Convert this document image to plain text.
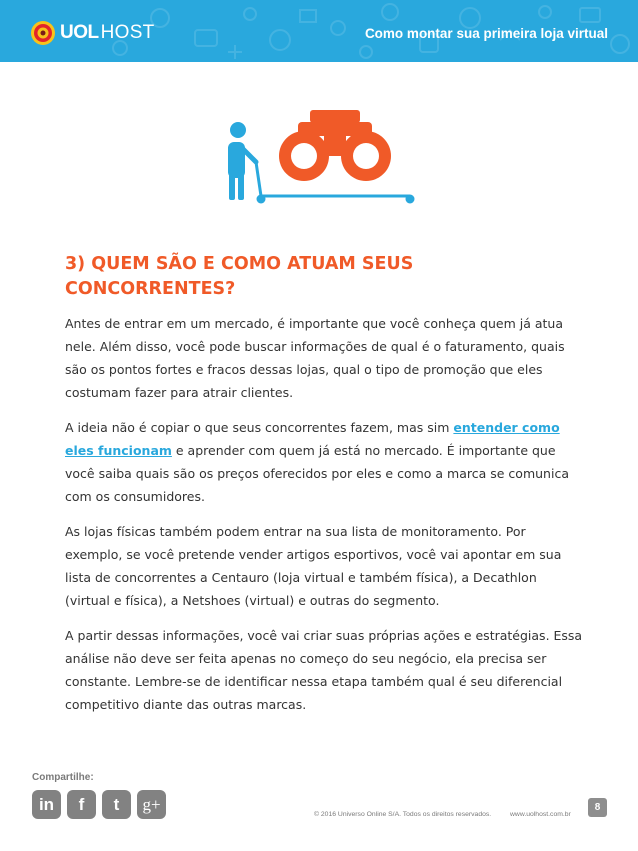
UOL HOST	Como montar sua primeira loja virtual
3) QUEM SÃO E COMO ATUAM SEUS
CONCORRENTES?

Antes de entrar em um mercado, é importante que você conheça quem já atua nele. Além disso, você pode buscar informações de qual é o faturamento, quais são os pontos fortes e fracos dessas lojas, qual o tipo de promoção que eles costumam fazer para atrair clientes.

A ideia não é copiar o que seus concorrentes fazem, mas sim entender como eles funcionam e aprender com quem já está no mercado. É importante que você saiba quais são os preços oferecidos por eles e como a marca se comunica com os consumidores.

As lojas físicas também podem entrar na sua lista de monitoramento. Por exemplo, se você pretende vender artigos esportivos, você vai apontar em sua lista de concorrentes a Centauro (loja virtual e também física), a Decathlon (virtual e física), a Netshoes (virtual) e outras do segmento.

A partir dessas informações, você vai criar suas próprias ações e estratégias. Essa análise não deve ser feita apenas no começo do seu negócio, ela precisa ser constante. Lembre-se de identificar nessa etapa também qual é seu diferencial competitivo diante das outras marcas.

Compartilhe:
in	f	t	g+
© 2016 Universo Online S/A. Todos os direitos reservados.	www.uolhost.com.br
8
